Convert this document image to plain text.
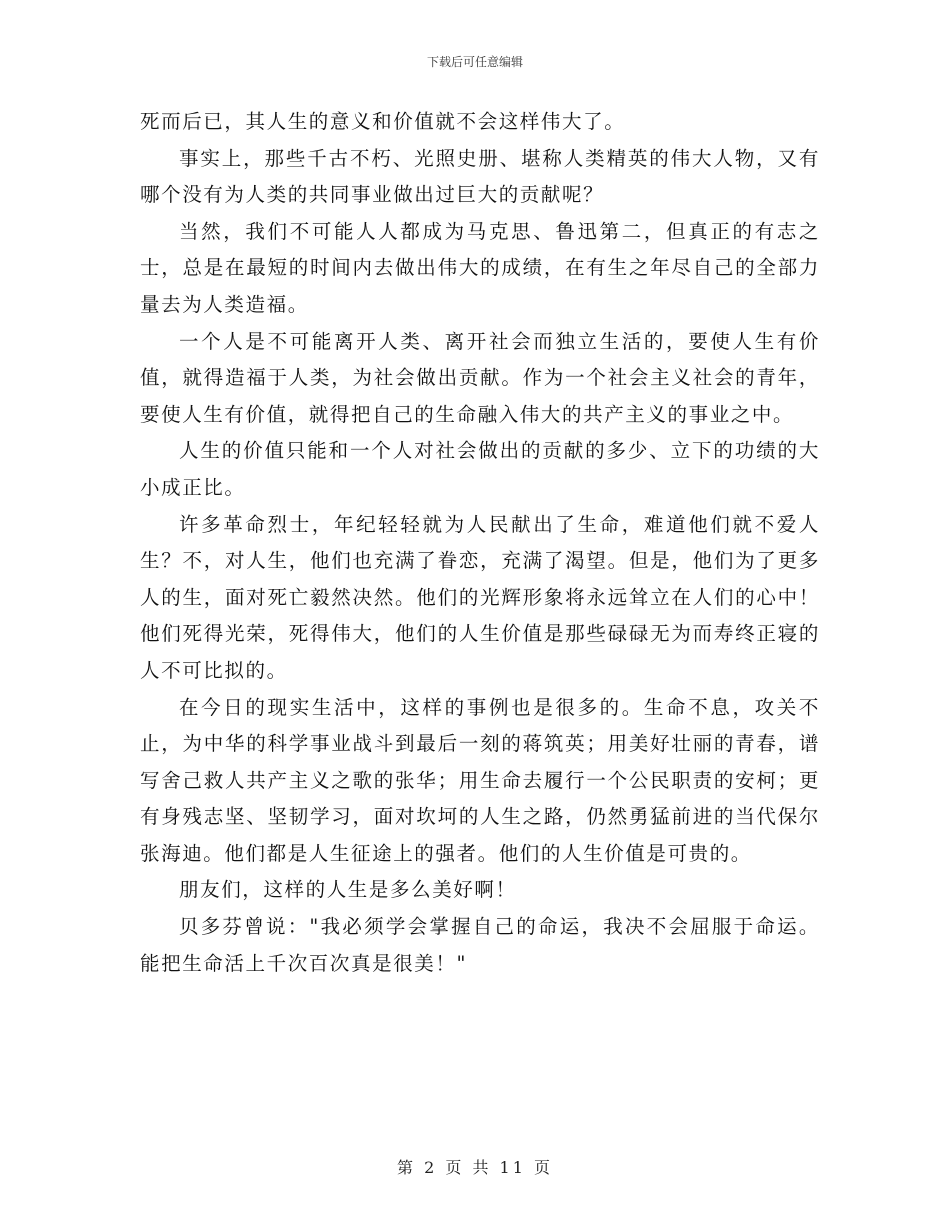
下载后可任意编辑

死而后已，其人生的意义和价值就不会这样伟大了。

事实上，那些千古不朽、光照史册、堪称人类精英的伟大人物，又有哪个没有为人类的共同事业做出过巨大的贡献呢？

当然，我们不可能人人都成为马克思、鲁迅第二，但真正的有志之士，总是在最短的时间内去做出伟大的成绩，在有生之年尽自己的全部力量去为人类造福。

一个人是不可能离开人类、离开社会而独立生活的，要使人生有价值，就得造福于人类，为社会做出贡献。作为一个社会主义社会的青年，要使人生有价值，就得把自己的生命融入伟大的共产主义的事业之中。

人生的价值只能和一个人对社会做出的贡献的多少、立下的功绩的大小成正比。

许多革命烈士，年纪轻轻就为人民献出了生命，难道他们就不爱人生？不，对人生，他们也充满了眷恋，充满了渴望。但是，他们为了更多人的生，面对死亡毅然决然。他们的光辉形象将永远耸立在人们的心中！他们死得光荣，死得伟大，他们的人生价值是那些碌碌无为而寿终正寝的人不可比拟的。

在今日的现实生活中，这样的事例也是很多的。生命不息，攻关不止，为中华的科学事业战斗到最后一刻的蒋筑英；用美好壮丽的青春，谱写舍己救人共产主义之歌的张华；用生命去履行一个公民职责的安柯；更有身残志坚、坚韧学习，面对坎坷的人生之路，仍然勇猛前进的当代保尔张海迪。他们都是人生征途上的强者。他们的人生价值是可贵的。

朋友们，这样的人生是多么美好啊！

贝多芬曾说："我必须学会掌握自己的命运，我决不会屈服于命运。能把生命活上千次百次真是很美！"

第 2 页 共 11 页
